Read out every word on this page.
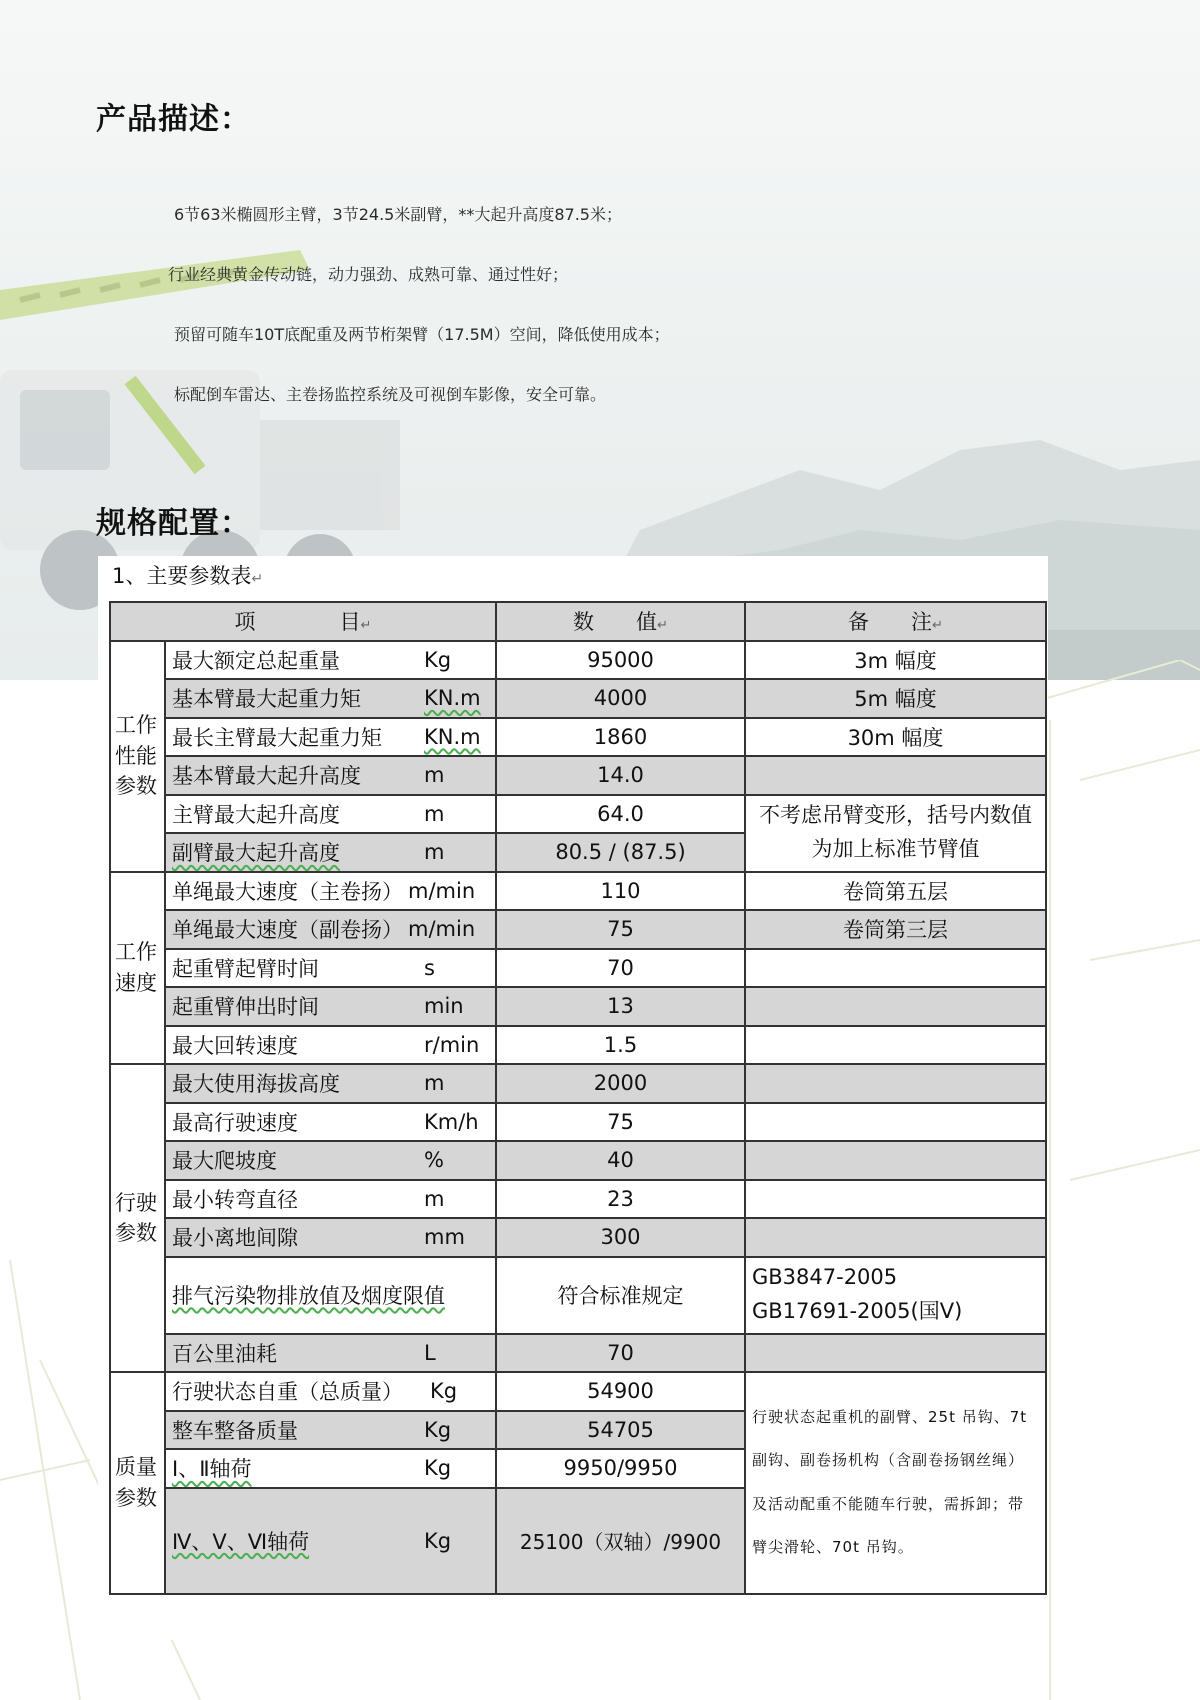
产品描述：

6节63米椭圆形主臂，3节24.5米副臂，**大起升高度87.5米；

行业经典黄金传动链，动力强劲、成熟可靠、通过性好；

预留可随车10T底配重及两节桁架臂（17.5M）空间，降低使用成本；

标配倒车雷达、主卷扬监控系统及可视倒车影像，安全可靠。

规格配置：

1、主要参数表↵

项　　　　目↵		数　　值↵	备　　注↵
工作性能参数	最大额定总起重量 Kg	95000	3m 幅度

	基本臂最大起重力矩 KN.m	4000	5m 幅度

	最长主臂最大起重力矩 KN.m	1860	30m 幅度

	基本臂最大起升高度 m	14.0	

	主臂最大起升高度 m	64.0	不考虑吊臂变形，括号内数值为加上标准节臂值

	副臂最大起升高度 m	80.5 / (87.5)	
工作速度	单绳最大速度（主卷扬） m/min	110	卷筒第五层

	单绳最大速度（副卷扬） m/min	75	卷筒第三层

	起重臂起臂时间 s	70	

	起重臂伸出时间 min	13	

	最大回转速度 r/min	1.5	
行驶参数	最大使用海拔高度 m	2000	

	最高行驶速度 Km/h	75	

	最大爬坡度 %	40	

	最小转弯直径 m	23	

	最小离地间隙 mm	300	

	排气污染物排放值及烟度限值	符合标准规定	GB3847-2005
GB17691-2005(国Ⅴ)

	百公里油耗 L	70	
质量参数	行驶状态自重（总质量） Kg	54900	行驶状态起重机的副臂、25t 吊钩、7t 副钩、副卷扬机构（含副卷扬钢丝绳）及活动配重不能随车行驶，需拆卸；带臂尖滑轮、70t 吊钩。

	整车整备质量 Kg	54705	

	Ⅰ、Ⅱ轴荷 Kg	9950/9950	

	Ⅳ、Ⅴ、Ⅵ轴荷 Kg	25100（双轴）/9900	
